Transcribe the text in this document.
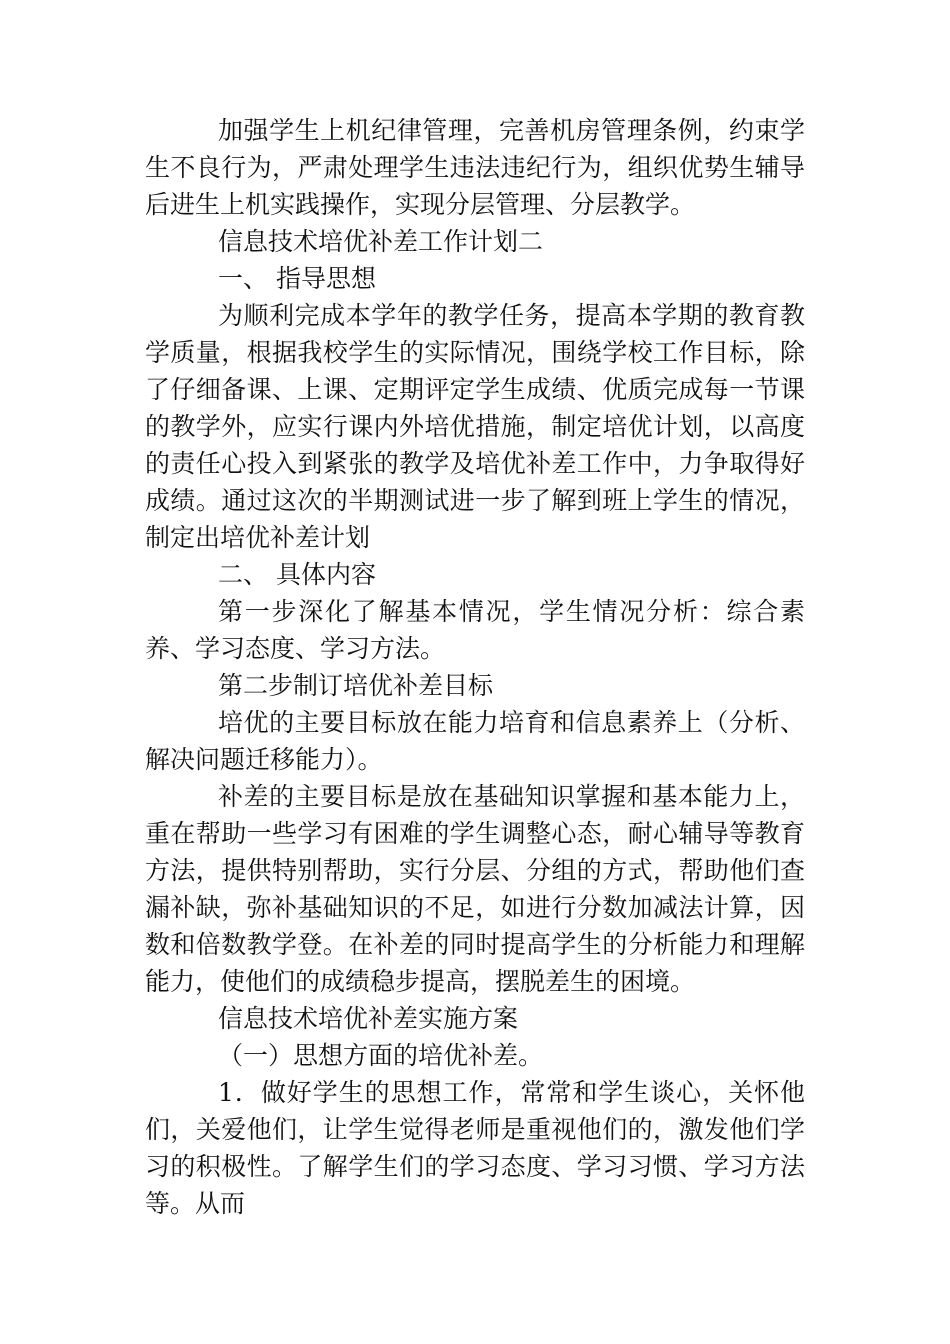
加强学生上机纪律管理，完善机房管理条例，约束学生不良行为，严肃处理学生违法违纪行为，组织优势生辅导后进生上机实践操作，实现分层管理、分层教学。

信息技术培优补差工作计划二

一、 指导思想

为顺利完成本学年的教学任务，提高本学期的教育教学质量，根据我校学生的实际情况，围绕学校工作目标，除了仔细备课、上课、定期评定学生成绩、优质完成每一节课的教学外，应实行课内外培优措施，制定培优计划，以高度的责任心投入到紧张的教学及培优补差工作中，力争取得好成绩。通过这次的半期测试进一步了解到班上学生的情况，制定出培优补差计划

二、 具体内容

第一步深化了解基本情况，学生情况分析：综合素养、学习态度、学习方法。

第二步制订培优补差目标

培优的主要目标放在能力培育和信息素养上（分析、解决问题迁移能力）。

补差的主要目标是放在基础知识掌握和基本能力上，重在帮助一些学习有困难的学生调整心态，耐心辅导等教育方法，提供特别帮助，实行分层、分组的方式，帮助他们查漏补缺，弥补基础知识的不足，如进行分数加减法计算，因数和倍数教学登。在补差的同时提高学生的分析能力和理解能力，使他们的成绩稳步提高，摆脱差生的困境。

信息技术培优补差实施方案

（一）思想方面的培优补差。

1．做好学生的思想工作，常常和学生谈心，关怀他们，关爱他们，让学生觉得老师是重视他们的，激发他们学习的积极性。了解学生们的学习态度、学习习惯、学习方法等。从而
